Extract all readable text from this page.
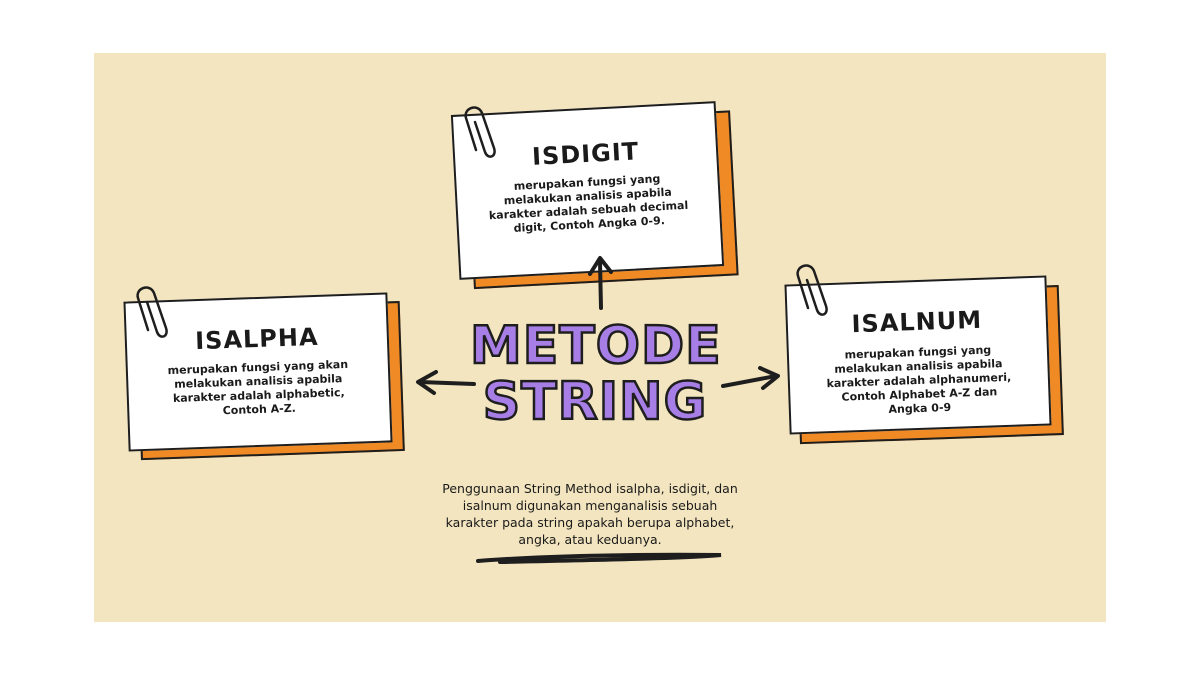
ISDIGIT
merupakan fungsi yang melakukan analisis apabila karakter adalah sebuah decimal digit, Contoh Angka 0-9.
ISALPHA
merupakan fungsi yang akan melakukan analisis apabila karakter adalah alphabetic, Contoh A-Z.
ISALNUM
merupakan fungsi yang melakukan analisis apabila karakter adalah alphanumeri, Contoh Alphabet A-Z dan Angka 0-9
METODE
STRING
Penggunaan String Method isalpha, isdigit, dan isalnum digunakan menganalisis sebuah karakter pada string apakah berupa alphabet, angka, atau keduanya.
